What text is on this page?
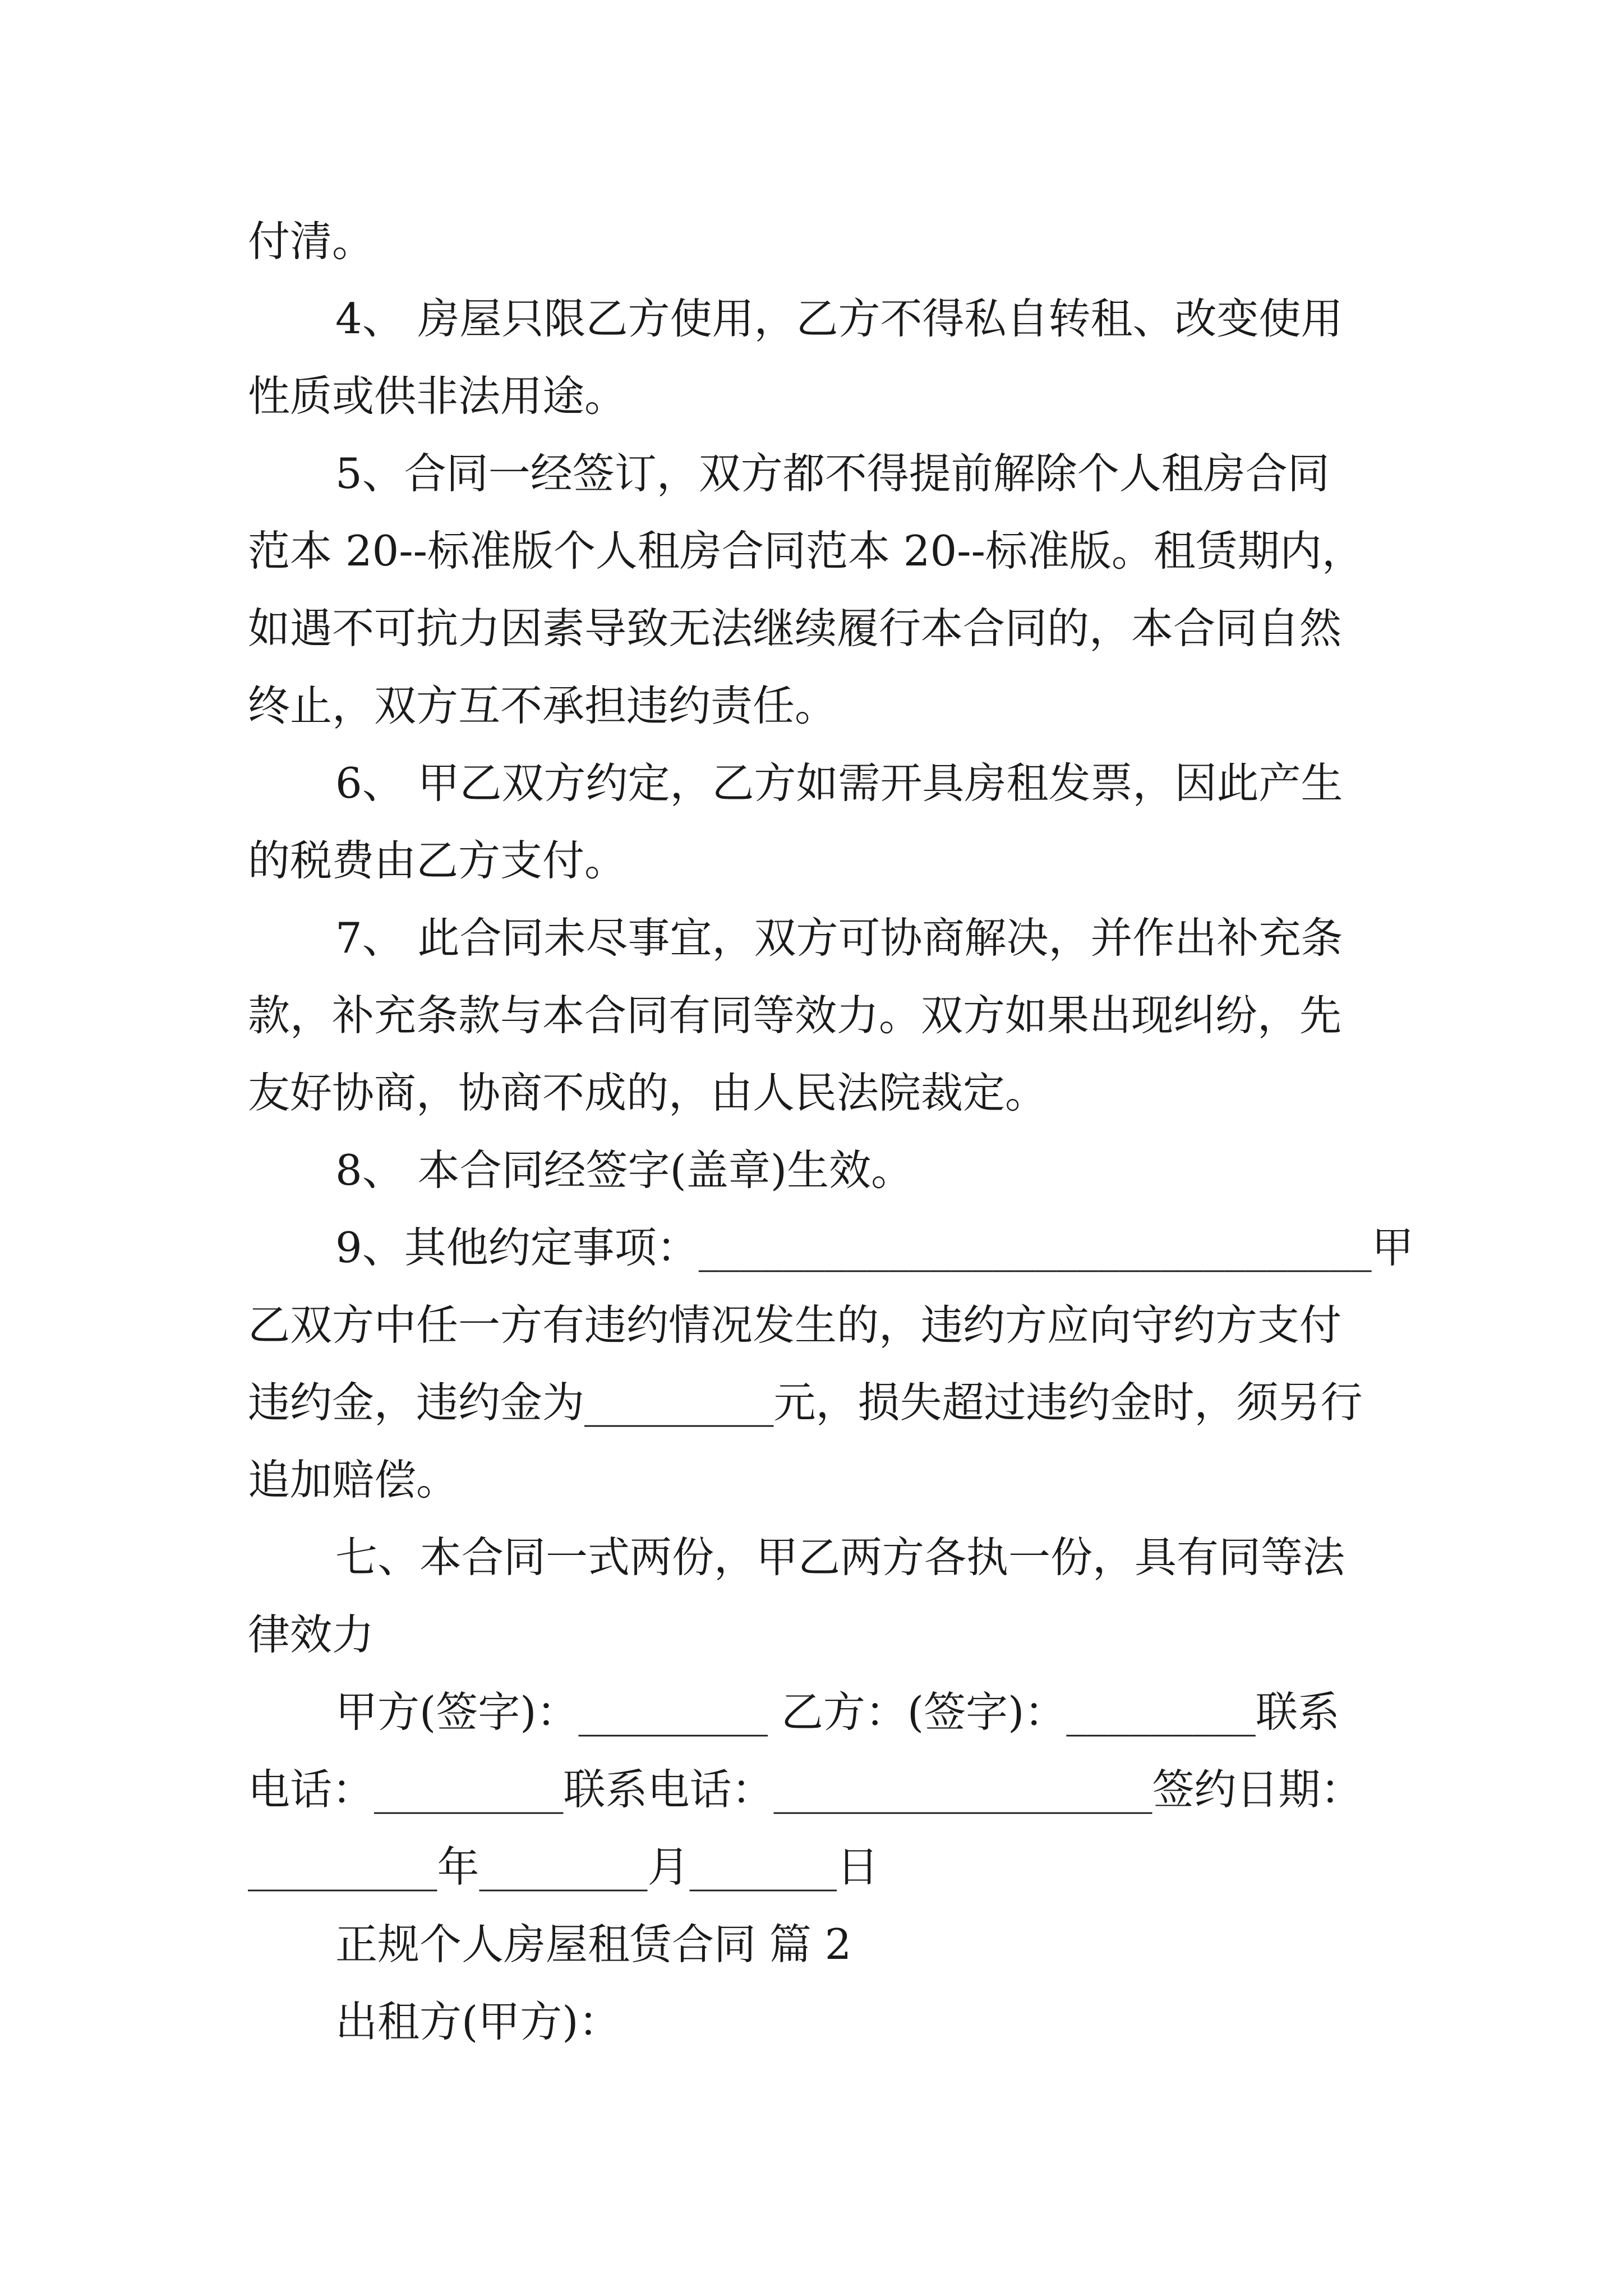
付清。
4、 房屋只限乙方使用，乙方不得私自转租、改变使用
性质或供非法用途。
5、合同一经签订，双方都不得提前解除个人租房合同
范本 20--标准版个人租房合同范本 20--标准版。租赁期内，
如遇不可抗力因素导致无法继续履行本合同的，本合同自然
终止，双方互不承担违约责任。
6、 甲乙双方约定，乙方如需开具房租发票，因此产生
的税费由乙方支付。
7、 此合同未尽事宜，双方可协商解决，并作出补充条
款，补充条款与本合同有同等效力。双方如果出现纠纷，先
友好协商，协商不成的，由人民法院裁定。
8、 本合同经签字(盖章)生效。
9、其他约定事项：________________________________甲
乙双方中任一方有违约情况发生的，违约方应向守约方支付
违约金，违约金为_________元，损失超过违约金时，须另行
追加赔偿。
七、本合同一式两份，甲乙两方各执一份，具有同等法
律效力
甲方(签字)：_________ 乙方：(签字)：_________联系
电话：_________联系电话：__________________签约日期：
_________年________月_______日
正规个人房屋租赁合同 篇 2
出租方(甲方)：
